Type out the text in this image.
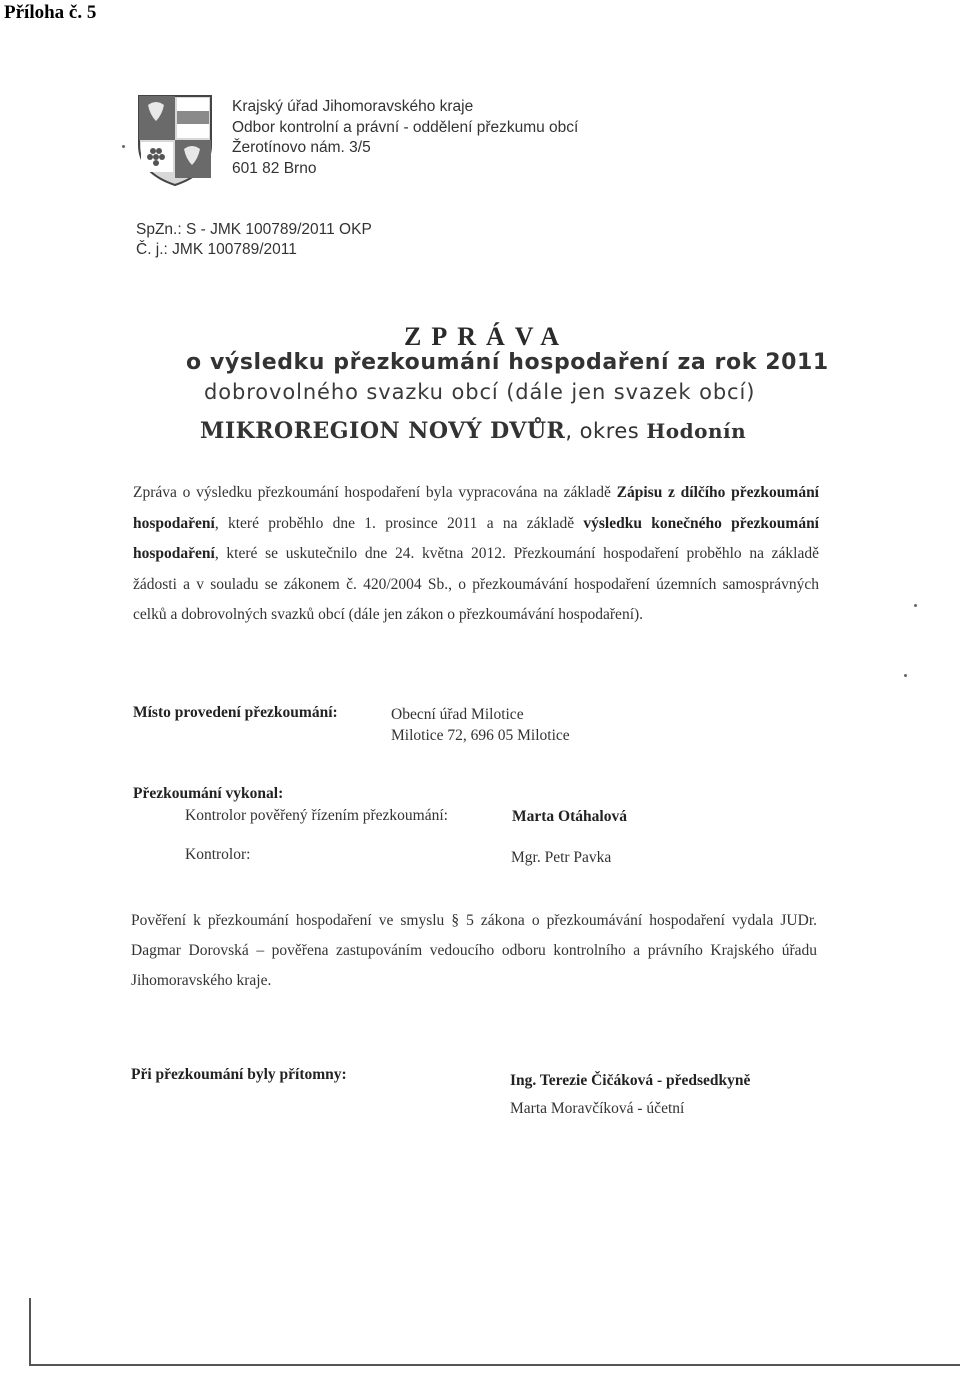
Příloha č. 5
Krajský úřad Jihomoravského kraje
Odbor kontrolní a právní - oddělení přezkumu obcí
Žerotínovo nám. 3/5
601 82 Brno
SpZn.: S - JMK 100789/2011 OKP
Č. j.: JMK 100789/2011
ZPRÁVA
o výsledku přezkoumání hospodaření za rok 2011
dobrovolného svazku obcí (dále jen svazek obcí)
MIKROREGION NOVÝ DVŮR, okres Hodonín
Zpráva o výsledku přezkoumání hospodaření byla vypracována na základě Zápisu z dílčího přezkoumání hospodaření, které proběhlo dne 1. prosince 2011 a na základě výsledku konečného přezkoumání hospodaření, které se uskutečnilo dne 24. května 2012. Přezkoumání hospodaření proběhlo na základě žádosti a v souladu se zákonem č. 420/2004 Sb., o přezkoumávání hospodaření územních samosprávných celků a dobrovolných svazků obcí (dále jen zákon o přezkoumávání hospodaření).
Místo provedení přezkoumání:	Obecní úřad Milotice
Milotice 72, 696 05 Milotice
Přezkoumání vykonal:
Kontrolor pověřený řízením přezkoumání:	Marta Otáhalová
Kontrolor:	Mgr. Petr Pavka
Pověření k přezkoumání hospodaření ve smyslu § 5 zákona o přezkoumávání hospodaření vydala JUDr. Dagmar Dorovská – pověřena zastupováním vedoucího odboru kontrolního a právního Krajského úřadu Jihomoravského kraje.
Při přezkoumání byly přítomny:	Ing. Terezie Čičáková - předsedkyně
Marta Moravčíková - účetní
